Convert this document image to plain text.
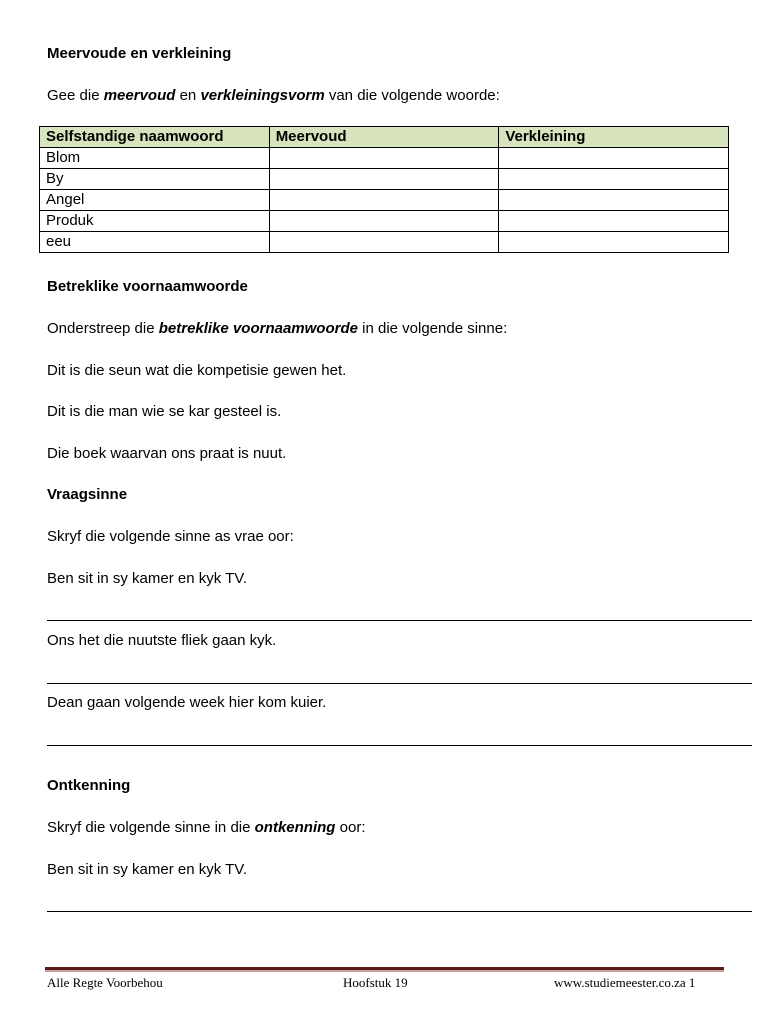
Meervoude en verkleining
Gee die meervoud en verkleiningsvorm van die volgende woorde:
Selfstandige naamwoord	Meervoud	Verkleining
Blom		
By		
Angel		
Produk		
eeu		
Betreklike voornaamwoorde
Onderstreep die betreklike voornaamwoorde in die volgende sinne:
Dit is die seun wat die kompetisie gewen het.
Dit is die man wie se kar gesteel is.
Die boek waarvan ons praat is nuut.
Vraagsinne
Skryf die volgende sinne as vrae oor:
Ben sit in sy kamer en kyk TV.
Ons het die nuutste fliek gaan kyk.
Dean gaan volgende week hier kom kuier.
Ontkenning
Skryf die volgende sinne in die ontkenning oor:
Ben sit in sy kamer en kyk TV.
Alle Regte Voorbehou	Hoofstuk 19	www.studiemeester.co.za 1
